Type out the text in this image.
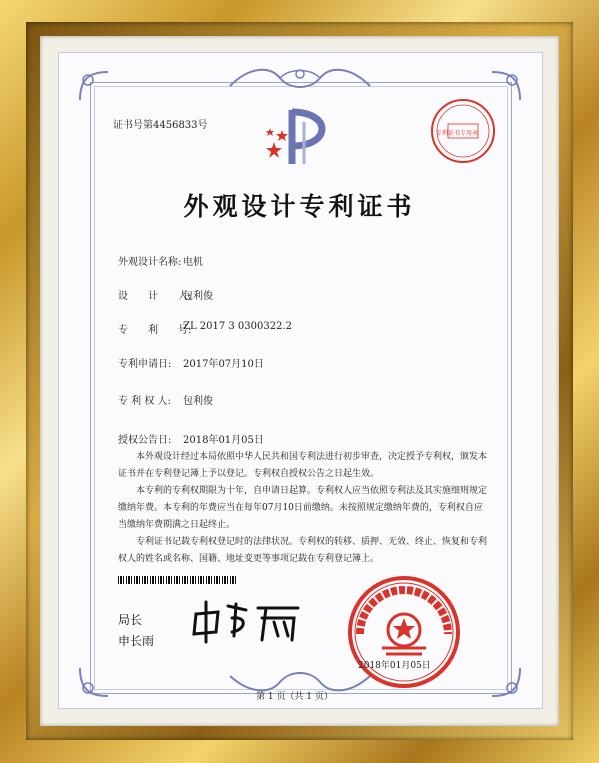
专利证书专用章
证书号第4456833号
外观设计专利证书
外观设计名称: 电机
设　　计　　人:
包利俊
专　　利　　号:
ZL 2017 3 0300322.2
专利申请日: 2017年07月10日
专 利 权 人: 包利俊
授权公告日: 2018年01月05日
本外观设计经过本局依照中华人民共和国专利法进行初步审查，决定授予专利权，颁发本证书并在专利登记簿上予以登记。专利权自授权公告之日起生效。
本专利的专利权期限为十年，自申请日起算。专利权人应当依照专利法及其实施细则规定缴纳年费。本专利的年费应当在每年07月10日前缴纳。未按照规定缴纳年费的，专利权自应当缴纳年费期满之日起终止。
专利证书记载专利权登记时的法律状况。专利权的转移、质押、无效、终止、恢复和专利权人的姓名或名称、国籍、地址变更等事项记载在专利登记簿上。
局长
申长雨
2018年01月05日
第 1 页（共 1 页）
